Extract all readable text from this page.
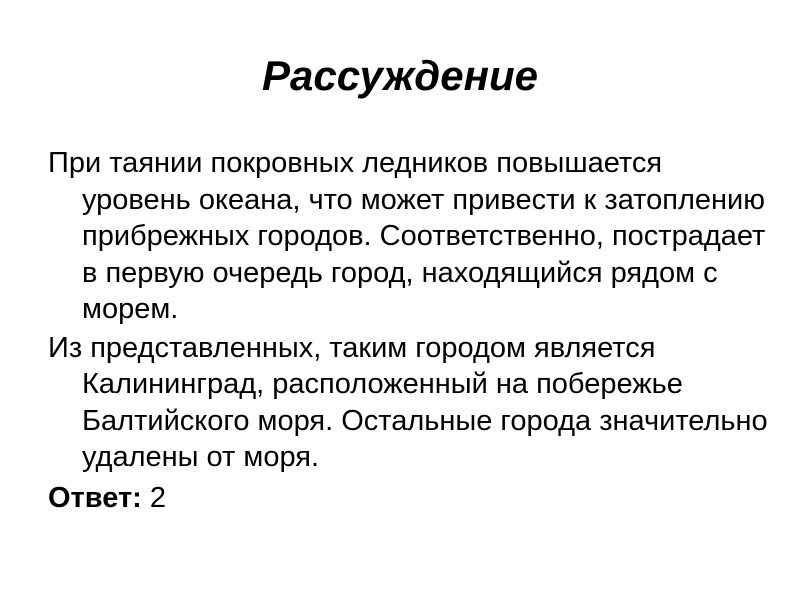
Рассуждение

При таянии покровных ледников повышается уровень океана, что может привести к затоплению прибрежных городов. Соответственно, пострадает в первую очередь город, находящийся рядом с морем.

Из представленных, таким городом является Калининград, расположенный на побережье Балтийского моря. Остальные города значительно удалены от моря.

Ответ: 2
